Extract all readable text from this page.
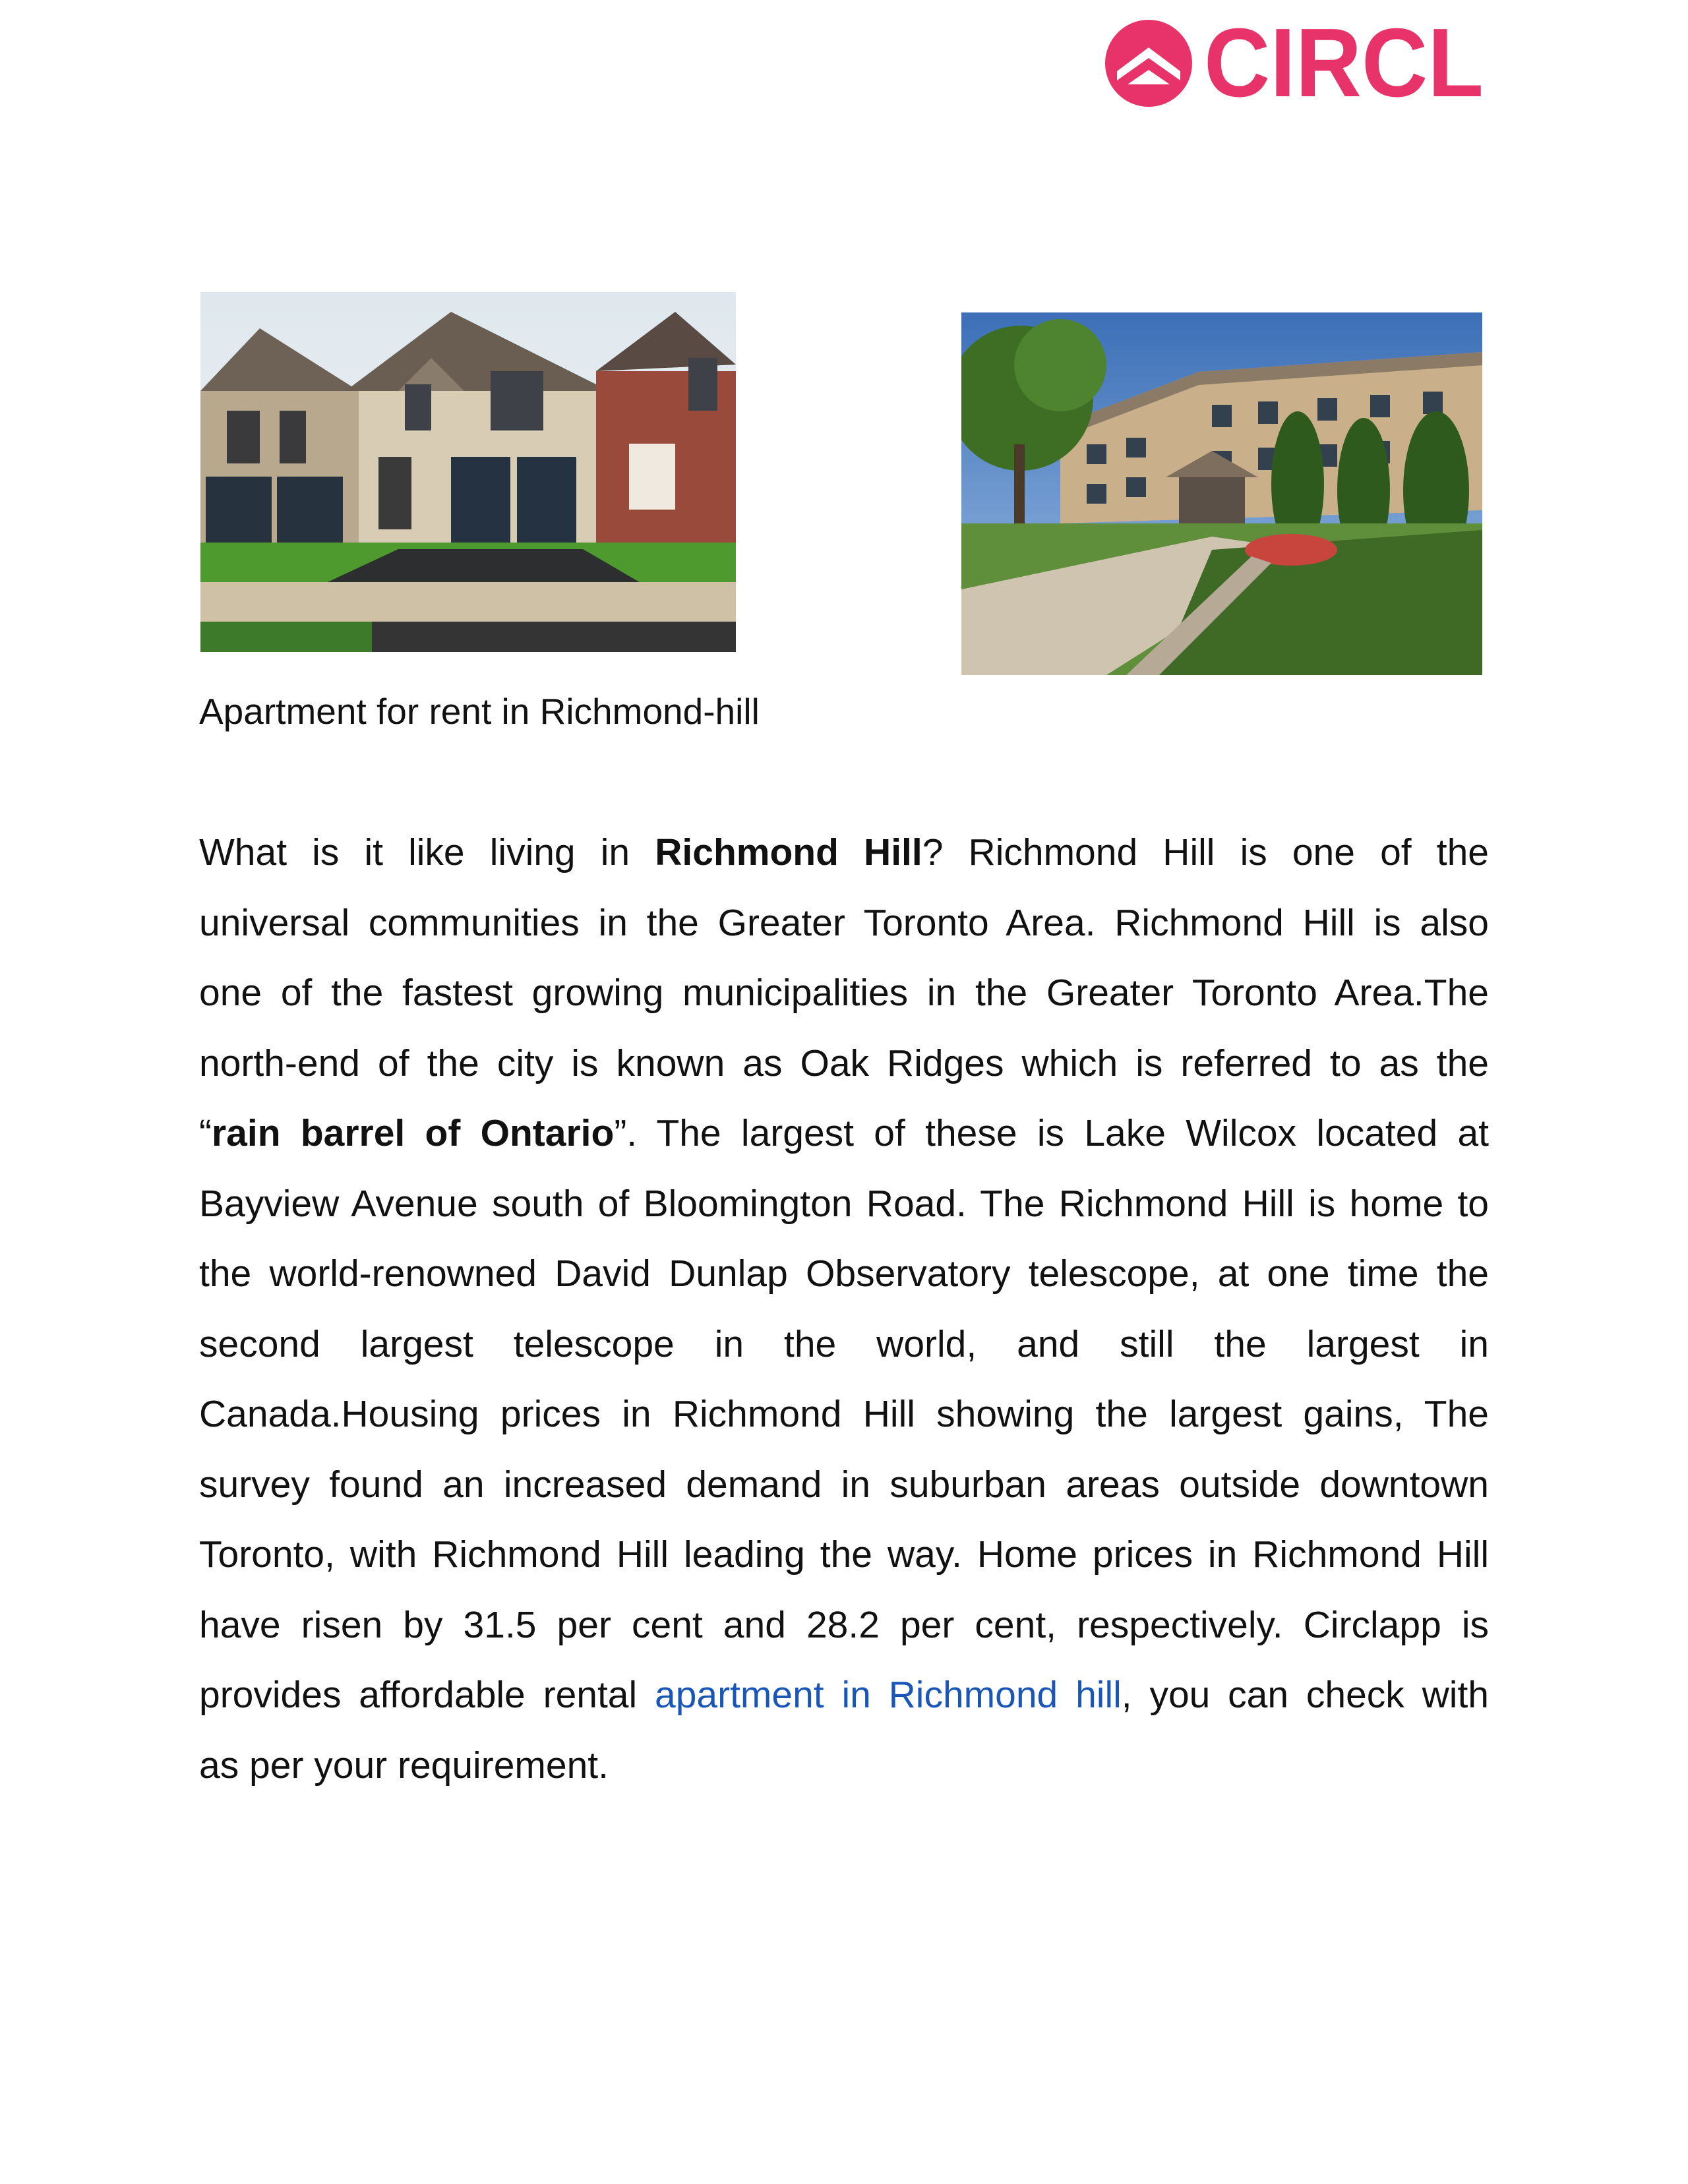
CIRCL
Apartment for rent in Richmond-hill
What is it like living in Richmond Hill? Richmond Hill is one of the
universal communities in the Greater Toronto Area. Richmond Hill is also
one of the fastest growing municipalities in the Greater Toronto Area.The
north-end of the city is known as Oak Ridges which is referred to as the
“rain barrel of Ontario”. The largest of these is Lake Wilcox located at
Bayview Avenue south of Bloomington Road. The Richmond Hill is home to
the world-renowned David Dunlap Observatory telescope, at one time the
second largest telescope in the world, and still the largest in
Canada.Housing prices in Richmond Hill showing the largest gains, The
survey found an increased demand in suburban areas outside downtown
Toronto, with Richmond Hill leading the way. Home prices in Richmond Hill
have risen by 31.5 per cent and 28.2 per cent, respectively. Circlapp is
provides affordable rental apartment in Richmond hill, you can check with
as per your requirement.
